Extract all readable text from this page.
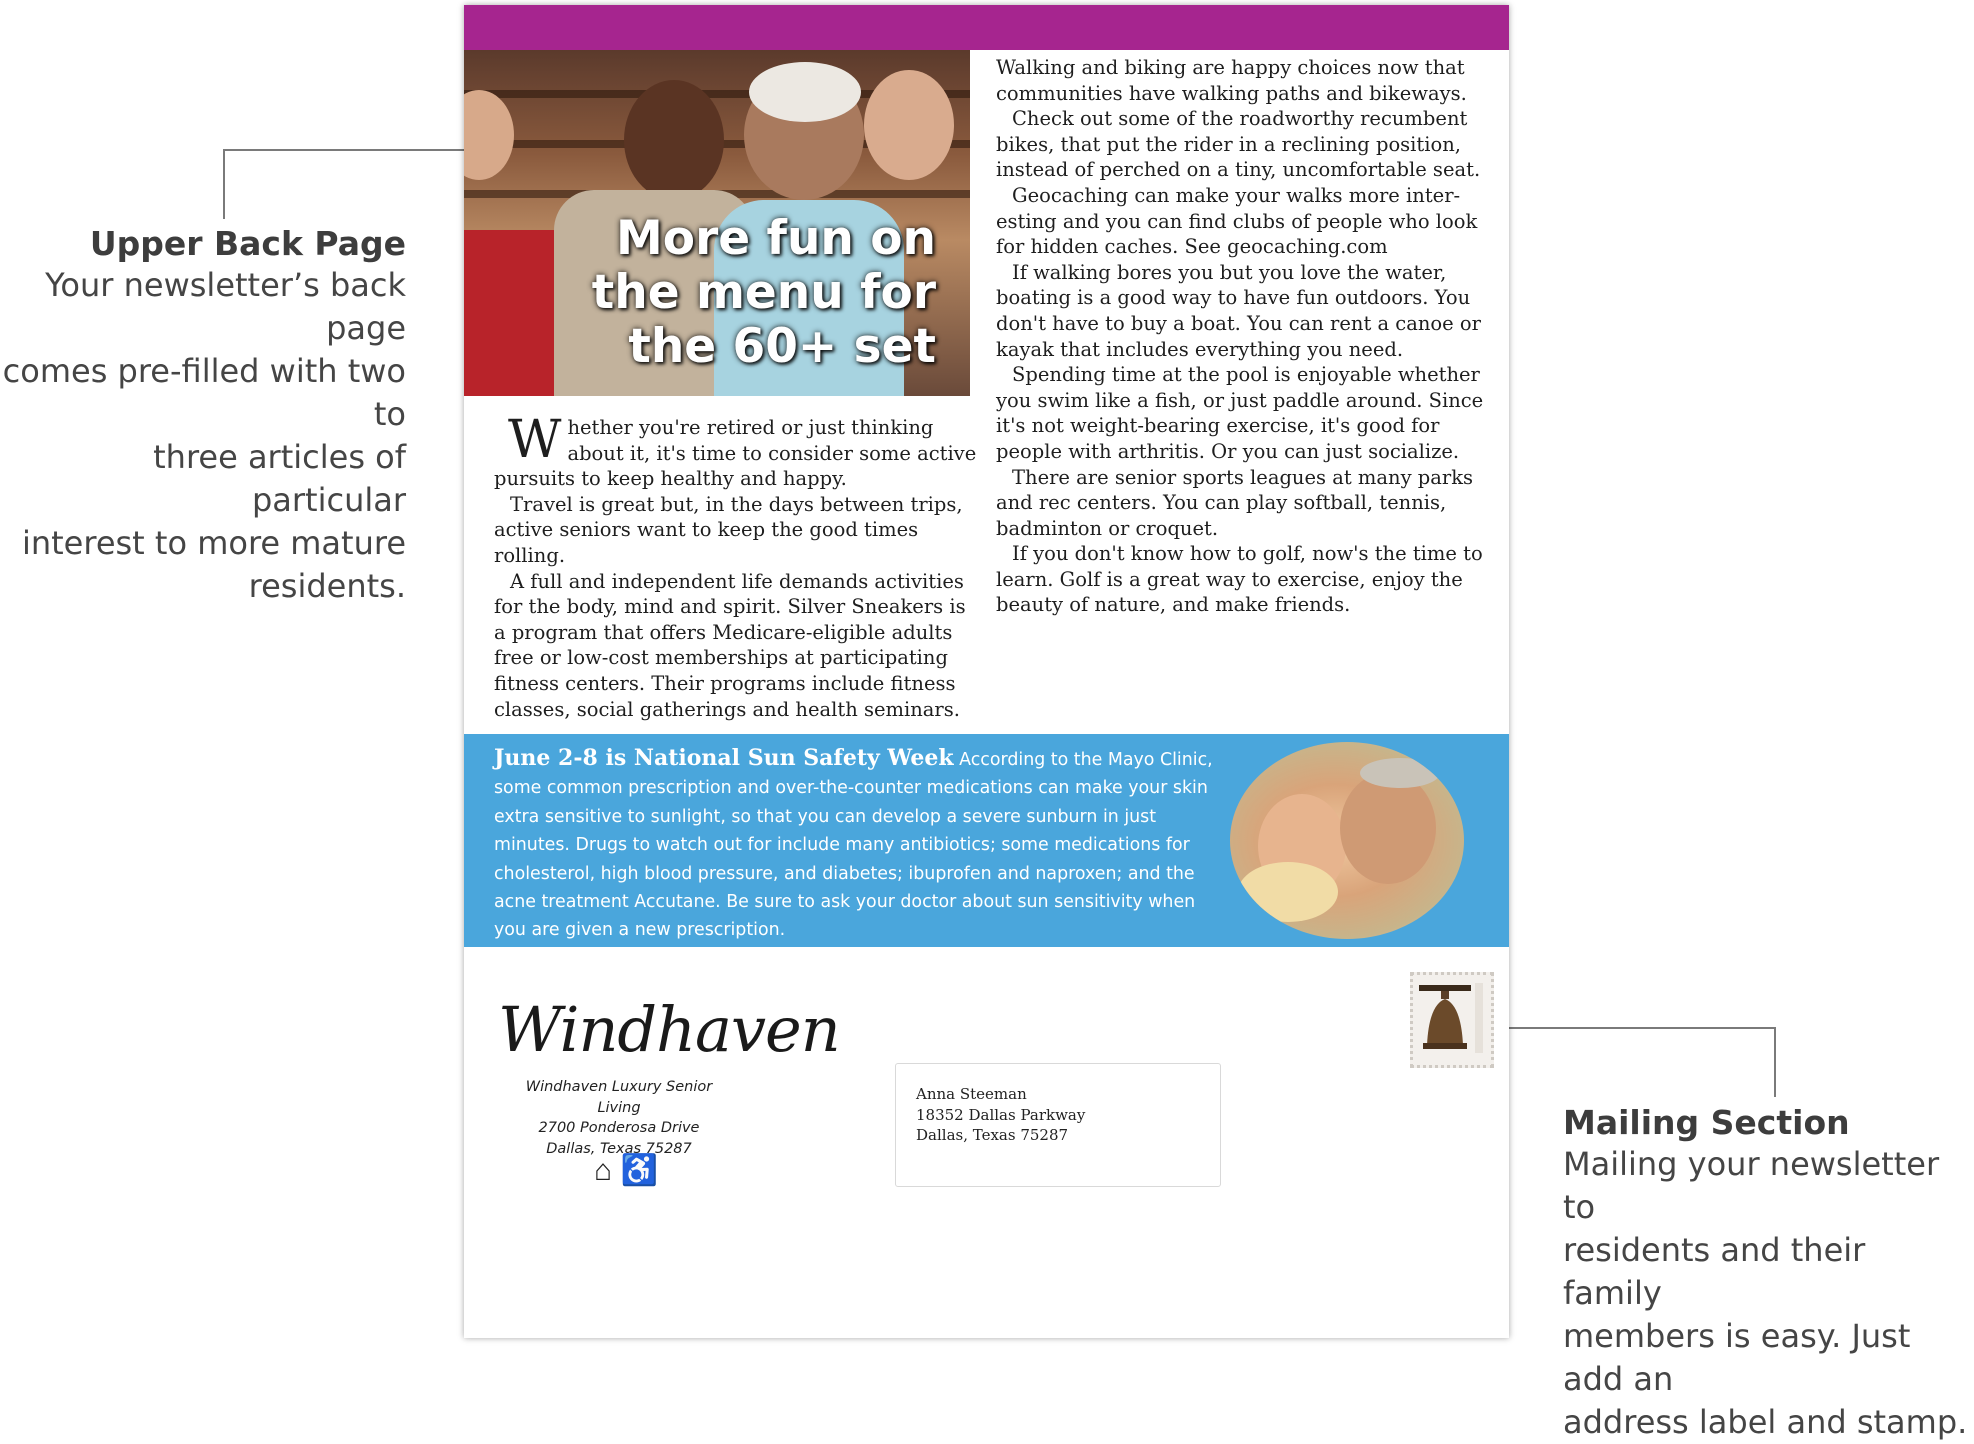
Upper Back Page

Your newsletter’s back page

comes pre-filled with two to

three articles of particular

interest to more mature

residents.

Mailing Section

Mailing your newsletter to

residents and their family

members is easy. Just add an

address label and stamp.

More fun on
the menu for
the 60+ set

Whether you're retired or just thinking about it, it's time to consider some active pursuits to keep healthy and happy.

Travel is great but, in the days between trips, active seniors want to keep the good times rolling.

A full and independent life demands activities for the body, mind and spirit. Silver Sneakers is a program that offers Medicare-eligible adults free or low-cost memberships at participating fitness centers. Their programs include fitness classes, social gatherings and health seminars.

Walking and biking are happy choices now that communities have walking paths and bikeways.

Check out some of the roadworthy recumbent bikes, that put the rider in a reclining position, instead of perched on a tiny, uncomfortable seat.

Geocaching can make your walks more inter-esting and you can find clubs of people who look for hidden caches. See geocaching.com

If walking bores you but you love the water, boating is a good way to have fun outdoors. You don't have to buy a boat. You can rent a canoe or kayak that includes everything you need.

Spending time at the pool is enjoyable whether you swim like a fish, or just paddle around. Since it's not weight-bearing exercise, it's good for people with arthritis. Or you can just socialize.

There are senior sports leagues at many parks and rec centers. You can play softball, tennis, badminton or croquet.

If you don't know how to golf, now's the time to learn. Golf is a great way to exercise, enjoy the beauty of nature, and make friends.

June 2-8 is National Sun Safety Week According to the Mayo Clinic, some common prescription and over-the-counter medications can make your skin extra sensitive to sunlight, so that you can develop a severe sunburn in just minutes. Drugs to watch out for include many antibiotics; some medications for cholesterol, high blood pressure, and diabetes; ibuprofen and naproxen; and the acne treatment Accutane. Be sure to ask your doctor about sun sensitivity when you are given a new prescription.
Windhaven
Windhaven Luxury Senior Living
2700 Ponderosa Drive
Dallas, Texas 75287
⌂ ♿
Anna Steeman
18352 Dallas Parkway
Dallas, Texas 75287
